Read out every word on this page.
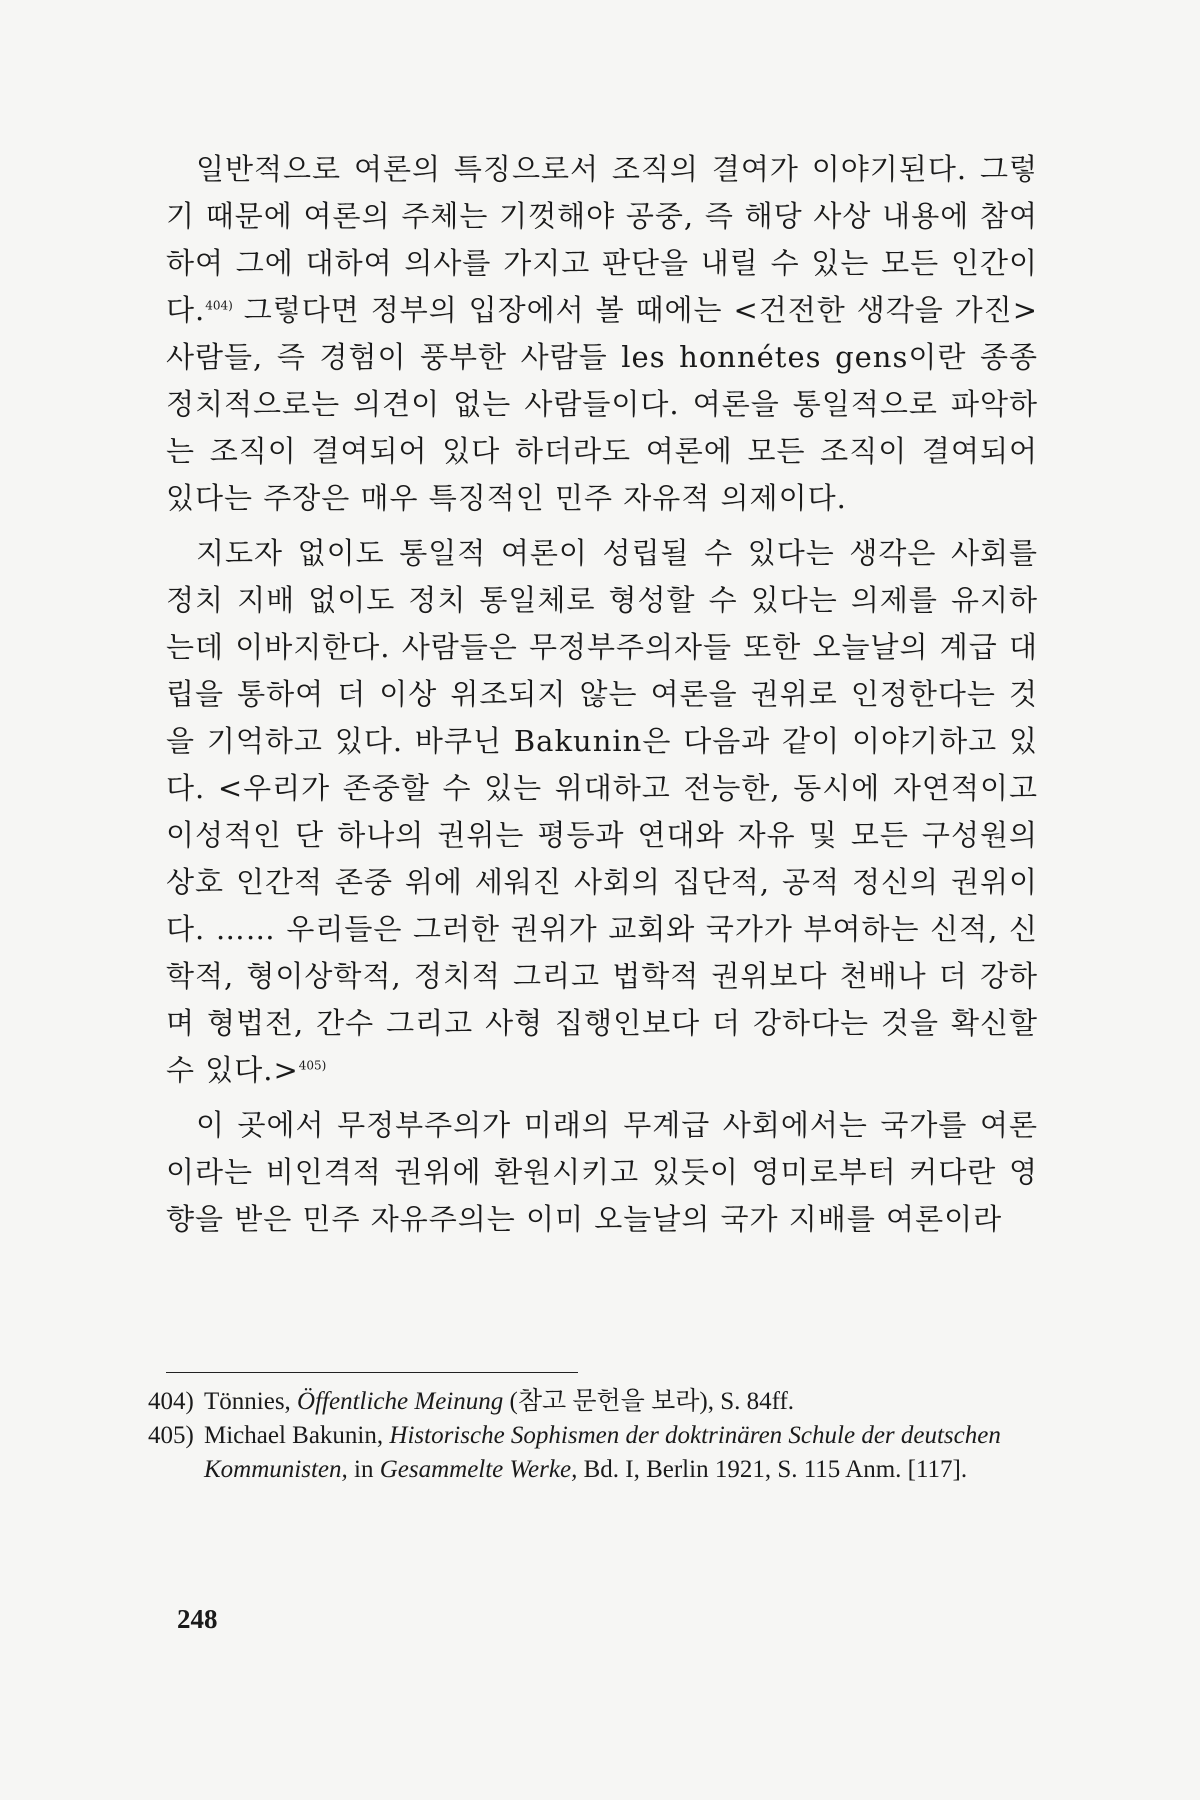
일반적으로 여론의 특징으로서 조직의 결여가 이야기된다. 그렇기 때문에 여론의 주체는 기껏해야 공중, 즉 해당 사상 내용에 참여하여 그에 대하여 의사를 가지고 판단을 내릴 수 있는 모든 인간이다.$^{404)}$ 그렇다면 정부의 입장에서 볼 때에는 <건전한 생각을 가진> 사람들, 즉 경험이 풍부한 사람들 les honnétes gens이란 종종 정치적으로는 의견이 없는 사람들이다. 여론을 통일적으로 파악하는 조직이 결여되어 있다 하더라도 여론에 모든 조직이 결여되어 있다는 주장은 매우 특징적인 민주 자유적 의제이다.

지도자 없이도 통일적 여론이 성립될 수 있다는 생각은 사회를 정치 지배 없이도 정치 통일체로 형성할 수 있다는 의제를 유지하는데 이바지한다. 사람들은 무정부주의자들 또한 오늘날의 계급 대립을 통하여 더 이상 위조되지 않는 여론을 권위로 인정한다는 것을 기억하고 있다. 바쿠닌 Bakunin은 다음과 같이 이야기하고 있다. <우리가 존중할 수 있는 위대하고 전능한, 동시에 자연적이고 이성적인 단 하나의 권위는 평등과 연대와 자유 및 모든 구성원의 상호 인간적 존중 위에 세워진 사회의 집단적, 공적 정신의 권위이다. …… 우리들은 그러한 권위가 교회와 국가가 부여하는 신적, 신학적, 형이상학적, 정치적 그리고 법학적 권위보다 천배나 더 강하며 형법전, 간수 그리고 사형 집행인보다 더 강하다는 것을 확신할 수 있다.>$^{405)}$

이 곳에서 무정부주의가 미래의 무계급 사회에서는 국가를 여론이라는 비인격적 권위에 환원시키고 있듯이 영미로부터 커다란 영향을 받은 민주 자유주의는 이미 오늘날의 국가 지배를 여론이라

404) Tönnies, Öffentliche Meinung (참고 문헌을 보라), S. 84ff.
405) Michael Bakunin, Historische Sophismen der doktrinären Schule der deutschen Kommunisten, in Gesammelte Werke, Bd. I, Berlin 1921, S. 115 Anm. [117].
248
